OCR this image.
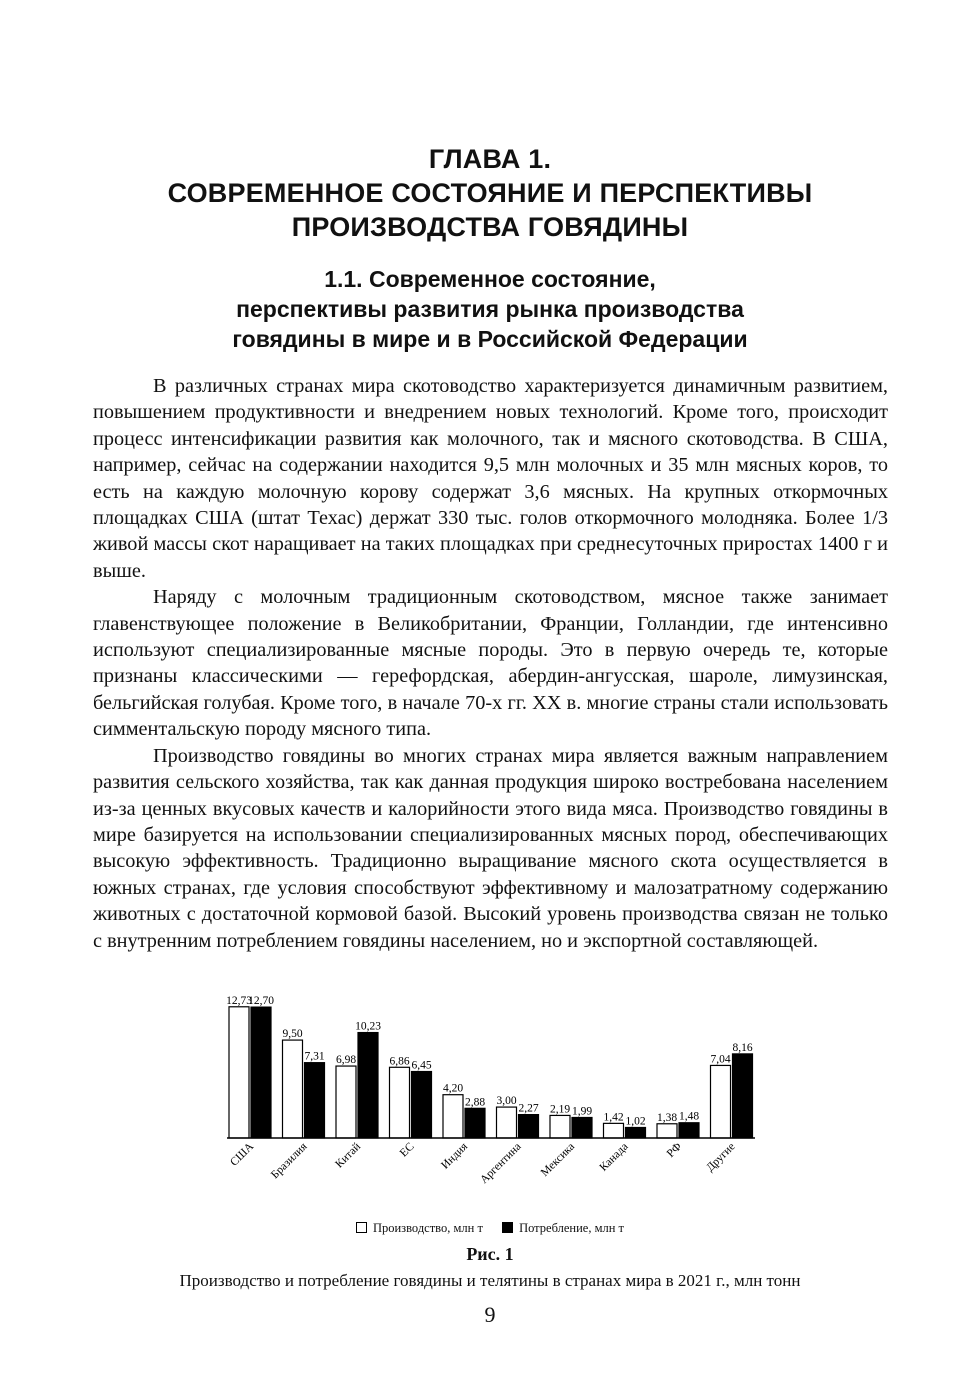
ГЛАВА 1.
СОВРЕМЕННОЕ СОСТОЯНИЕ И ПЕРСПЕКТИВЫ
ПРОИЗВОДСТВА ГОВЯДИНЫ
1.1. Современное состояние,
перспективы развития рынка производства
говядины в мире и в Российской Федерации

В различных странах мира скотоводство характеризуется динамичным развитием, повышением продуктивности и внедрением новых технологий. Кроме того, происходит процесс интенсификации развития как молочного, так и мясного скотоводства. В США, например, сейчас на содержании находится 9,5 млн молочных и 35 млн мясных коров, то есть на каждую молочную корову содержат 3,6 мясных. На крупных откормочных площадках США (штат Техас) держат 330 тыс. голов откормочного молодняка. Более 1/3 живой массы скот наращивает на таких площадках при среднесуточных приростах 1400 г и выше.

Наряду с молочным традиционным скотоводством, мясное также занимает главенствующее положение в Великобритании, Франции, Голландии, где интенсивно используют специализированные мясные породы. Это в первую очередь те, которые признаны классическими — герефордская, абердин-ангусская, шароле, лимузинская, бельгийская голубая. Кроме того, в начале 70-х гг. XX в. многие страны стали использовать симментальскую породу мясного типа.

Производство говядины во многих странах мира является важным направлением развития сельского хозяйства, так как данная продукция широко востребована населением из-за ценных вкусовых качеств и калорийности этого вида мяса. Производство говядины в мире базируется на использовании специализированных мясных пород, обеспечивающих высокую эффективность. Традиционно выращивание мясного скота осуществляется в южных странах, где условия способствуют эффективному и малозатратному содержанию животных с достаточной кормовой базой. Высокий уровень производства связан не только с внутренним потреблением говядины населением, но и экспортной составляющей.

12,73
12,70
США
9,50
7,31
Бразилия
6,98
10,23
Китай
6,86 6,45
ЕС
4,20
2,88
Индия
3,00
2,27
Аргентина
2,19 1,99
Мексика
1,42 1,02
Канада
1,38 1,48
РФ
7,04
8,16
Другие
Производство, млн т	Потребление, млн т
Рис. 1
Производство и потребление говядины и телятины в странах мира в 2021 г., млн тонн
9
